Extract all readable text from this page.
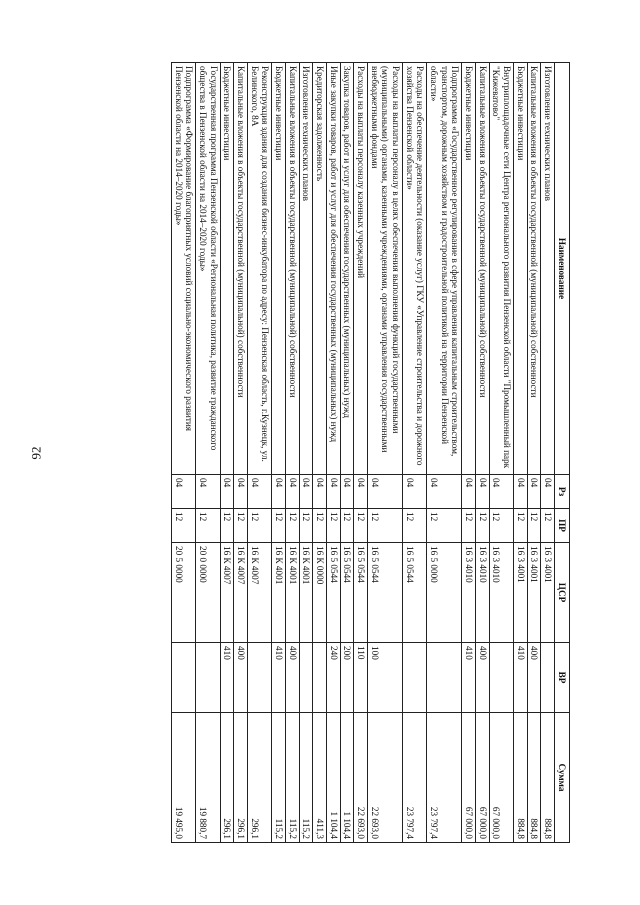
92
Наименование	Рз	ПР	ЦСР	ВР	Сумма
Изготовление технических планов	04	12	16 3 4001		884,8
Капитальные вложения в объекты государственной (муниципальной) собственности	04	12	16 3 4001	400	884,8
Бюджетные инвестиции	04	12	16 3 4001	410	884,8
Внутриплощадочные сети Центра регионального развития Пензенской области "Промышленный парк "Кижеватово"	04	12	16 3 4010		67 000,0
Капитальные вложения в объекты государственной (муниципальной) собственности	04	12	16 3 4010	400	67 000,0
Бюджетные инвестиции	04	12	16 3 4010	410	67 000,0
Подпрограмма «Государственное регулирование в сфере управления капитальным строительством, транспортом, дорожным хозяйством и градостроительной политикой на территории Пензенской области»	04	12	16 5 0000		23 797,4
Расходы на обеспечение деятельности (оказание услуг) ГКУ «Управление строительства и дорожного хозяйства Пензенской области»	04	12	16 5 0544		23 797,4
Расходы на выплаты персоналу в целях обеспечения выполнения функций государственными (муниципальными) органами, казенными учреждениями, органами управления государственными внебюджетными фондами	04	12	16 5 0544	100	22 693,0
Расходы на выплаты персоналу казенных учреждений	04	12	16 5 0544	110	22 693,0
Закупка товаров, работ и услуг для обеспечения государственных (муниципальных) нужд	04	12	16 5 0544	200	1 104,4
Иные закупки товаров, работ и услуг для обеспечения государственных (муниципальных) нужд	04	12	16 5 0544	240	1 104,4
Кредиторская задолженность	04	12	16 К 0000		411,3
Изготовление технических планов	04	12	16 К 4001		115,2
Капитальные вложения в объекты государственной (муниципальной) собственности	04	12	16 К 4001	400	115,2
Бюджетные инвестиции	04	12	16 К 4001	410	115,2
Реконструкция здания для создания бизнес-инкубатора по адресу: Пензенская область, г.Кузнецк, ул. Белинского, 8А	04	12	16 К 4007		296,1
Капитальные вложения в объекты государственной (муниципальной) собственности	04	12	16 К 4007	400	296,1
Бюджетные инвестиции	04	12	16 К 4007	410	296,1
Государственная программа Пензенской области «Региональная политика, развитие гражданского общества в Пензенской области на 2014–2020 годы»	04	12	20 0 0000		19 880,7
Подпрограмма «Формирование благоприятных условий социально-экономического развития Пензенской области на 2014–2020 годы»	04	12	20 5 0000		19 495,0
